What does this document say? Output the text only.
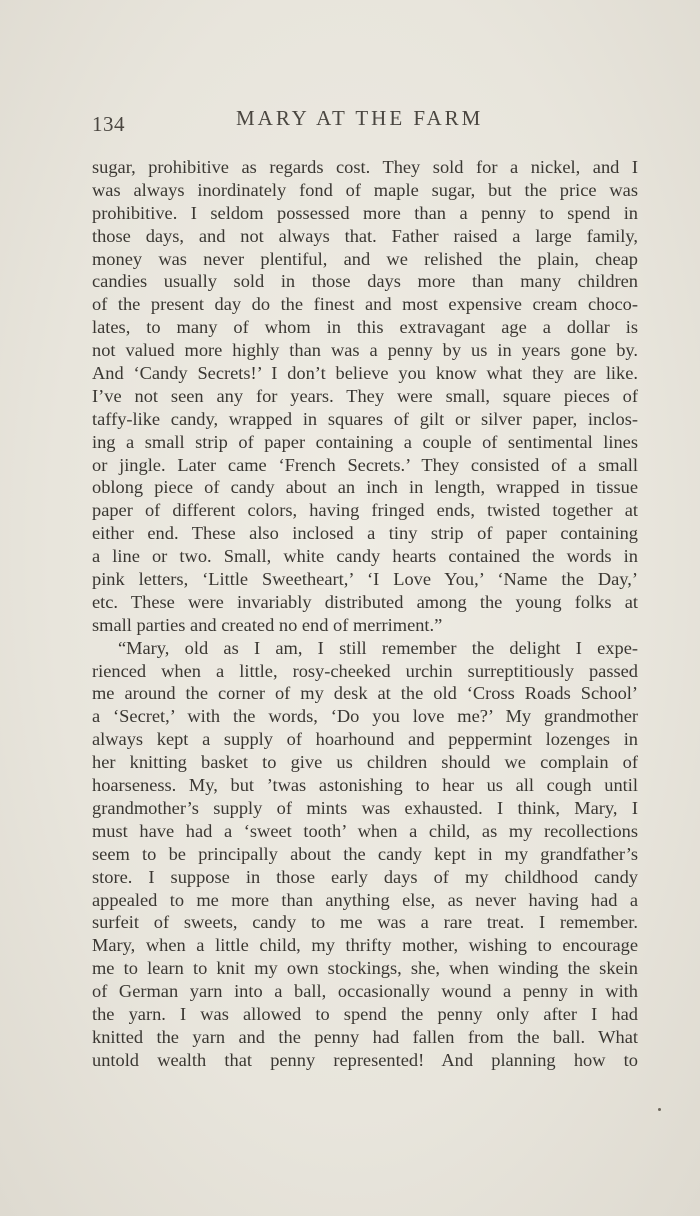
134	MARY AT THE FARM
sugar, prohibitive as regards cost. They sold for a nickel, and I
was always inordinately fond of maple sugar, but the price was
prohibitive. I seldom possessed more than a penny to spend in
those days, and not always that. Father raised a large family,
money was never plentiful, and we relished the plain, cheap
candies usually sold in those days more than many children
of the present day do the finest and most expensive cream choco-
lates, to many of whom in this extravagant age a dollar is
not valued more highly than was a penny by us in years gone by.
And ‘Candy Secrets!’ I don’t believe you know what they are like.
I’ve not seen any for years. They were small, square pieces of
taffy-like candy, wrapped in squares of gilt or silver paper, inclos-
ing a small strip of paper containing a couple of sentimental lines
or jingle. Later came ‘French Secrets.’ They consisted of a small
oblong piece of candy about an inch in length, wrapped in tissue
paper of different colors, having fringed ends, twisted together at
either end. These also inclosed a tiny strip of paper containing
a line or two. Small, white candy hearts contained the words in
pink letters, ‘Little Sweetheart,’ ‘I Love You,’ ‘Name the Day,’
etc. These were invariably distributed among the young folks at
small parties and created no end of merriment.”
“Mary, old as I am, I still remember the delight I expe-
rienced when a little, rosy-cheeked urchin surreptitiously passed
me around the corner of my desk at the old ‘Cross Roads School’
a ‘Secret,’ with the words, ‘Do you love me?’ My grandmother
always kept a supply of hoarhound and peppermint lozenges in
her knitting basket to give us children should we complain of
hoarseness. My, but ’twas astonishing to hear us all cough until
grandmother’s supply of mints was exhausted. I think, Mary, I
must have had a ‘sweet tooth’ when a child, as my recollections
seem to be principally about the candy kept in my grandfather’s
store. I suppose in those early days of my childhood candy
appealed to me more than anything else, as never having had a
surfeit of sweets, candy to me was a rare treat. I remember.
Mary, when a little child, my thrifty mother, wishing to encourage
me to learn to knit my own stockings, she, when winding the skein
of German yarn into a ball, occasionally wound a penny in with
the yarn. I was allowed to spend the penny only after I had
knitted the yarn and the penny had fallen from the ball. What
untold wealth that penny represented! And planning how to
